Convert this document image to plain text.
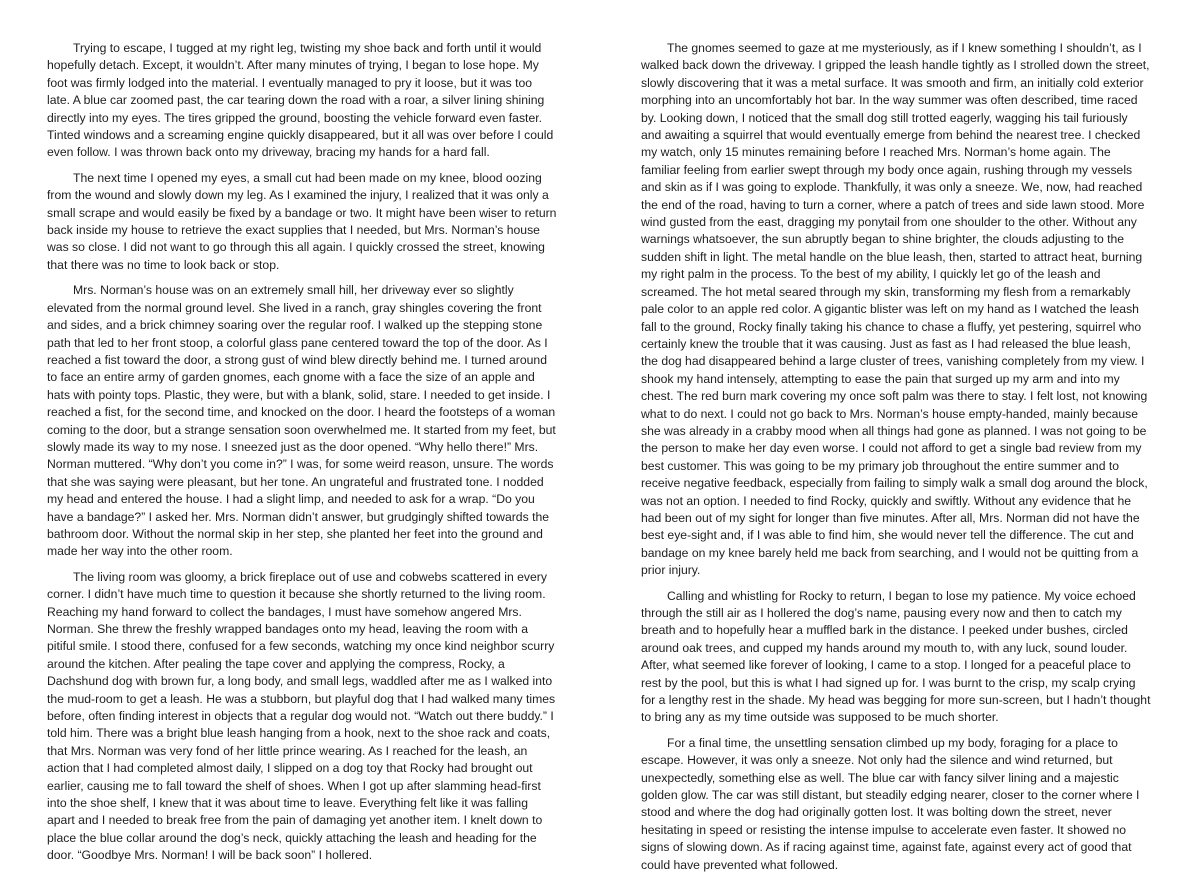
Trying to escape, I tugged at my right leg, twisting my shoe back and forth until it would hopefully detach. Except, it wouldn’t. After many minutes of trying, I began to lose hope. My foot was firmly lodged into the material. I eventually managed to pry it loose, but it was too late. A blue car zoomed past, the car tearing down the road with a roar, a silver lining shining directly into my eyes. The tires gripped the ground, boosting the vehicle forward even faster. Tinted windows and a screaming engine quickly disappeared, but it all was over before I could even follow. I was thrown back onto my driveway, bracing my hands for a hard fall.

The next time I opened my eyes, a small cut had been made on my knee, blood oozing from the wound and slowly down my leg. As I examined the injury, I realized that it was only a small scrape and would easily be fixed by a bandage or two. It might have been wiser to return back inside my house to retrieve the exact supplies that I needed, but Mrs. Norman’s house was so close. I did not want to go through this all again. I quickly crossed the street, knowing that there was no time to look back or stop.

Mrs. Norman’s house was on an extremely small hill, her driveway ever so slightly elevated from the normal ground level. She lived in a ranch, gray shingles covering the front and sides, and a brick chimney soaring over the regular roof. I walked up the stepping stone path that led to her front stoop, a colorful glass pane centered toward the top of the door. As I reached a fist toward the door, a strong gust of wind blew directly behind me. I turned around to face an entire army of garden gnomes, each gnome with a face the size of an apple and hats with pointy tops. Plastic, they were, but with a blank, solid, stare. I needed to get inside. I reached a fist, for the second time, and knocked on the door. I heard the footsteps of a woman coming to the door, but a strange sensation soon overwhelmed me. It started from my feet, but slowly made its way to my nose. I sneezed just as the door opened. “Why hello there!” Mrs. Norman muttered. “Why don’t you come in?” I was, for some weird reason, unsure. The words that she was saying were pleasant, but her tone. An ungrateful and frustrated tone. I nodded my head and entered the house. I had a slight limp, and needed to ask for a wrap. “Do you have a bandage?” I asked her. Mrs. Norman didn’t answer, but grudgingly shifted towards the bathroom door. Without the normal skip in her step, she planted her feet into the ground and made her way into the other room.

The living room was gloomy, a brick fireplace out of use and cobwebs scattered in every corner. I didn’t have much time to question it because she shortly returned to the living room. Reaching my hand forward to collect the bandages, I must have somehow angered Mrs. Norman. She threw the freshly wrapped bandages onto my head, leaving the room with a pitiful smile. I stood there, confused for a few seconds, watching my once kind neighbor scurry around the kitchen. After pealing the tape cover and applying the compress, Rocky, a Dachshund dog with brown fur, a long body, and small legs, waddled after me as I walked into the mud-room to get a leash. He was a stubborn, but playful dog that I had walked many times before, often finding interest in objects that a regular dog would not. “Watch out there buddy.” I told him. There was a bright blue leash hanging from a hook, next to the shoe rack and coats, that Mrs. Norman was very fond of her little prince wearing. As I reached for the leash, an action that I had completed almost daily, I slipped on a dog toy that Rocky had brought out earlier, causing me to fall toward the shelf of shoes. When I got up after slamming head-first into the shoe shelf, I knew that it was about time to leave. Everything felt like it was falling apart and I needed to break free from the pain of damaging yet another item. I knelt down to place the blue collar around the dog’s neck, quickly attaching the leash and heading for the door. “Goodbye Mrs. Norman! I will be back soon” I hollered.

The gnomes seemed to gaze at me mysteriously, as if I knew something I shouldn’t, as I walked back down the driveway. I gripped the leash handle tightly as I strolled down the street, slowly discovering that it was a metal surface. It was smooth and firm, an initially cold exterior morphing into an uncomfortably hot bar. In the way summer was often described, time raced by. Looking down, I noticed that the small dog still trotted eagerly, wagging his tail furiously and awaiting a squirrel that would eventually emerge from behind the nearest tree. I checked my watch, only 15 minutes remaining before I reached Mrs. Norman’s home again. The familiar feeling from earlier swept through my body once again, rushing through my vessels and skin as if I was going to explode. Thankfully, it was only a sneeze. We, now, had reached the end of the road, having to turn a corner, where a patch of trees and side lawn stood. More wind gusted from the east, dragging my ponytail from one shoulder to the other. Without any warnings whatsoever, the sun abruptly began to shine brighter, the clouds adjusting to the sudden shift in light. The metal handle on the blue leash, then, started to attract heat, burning my right palm in the process. To the best of my ability, I quickly let go of the leash and screamed. The hot metal seared through my skin, transforming my flesh from a remarkably pale color to an apple red color. A gigantic blister was left on my hand as I watched the leash fall to the ground, Rocky finally taking his chance to chase a fluffy, yet pestering, squirrel who certainly knew the trouble that it was causing. Just as fast as I had released the blue leash, the dog had disappeared behind a large cluster of trees, vanishing completely from my view. I shook my hand intensely, attempting to ease the pain that surged up my arm and into my chest. The red burn mark covering my once soft palm was there to stay. I felt lost, not knowing what to do next. I could not go back to Mrs. Norman’s house empty-handed, mainly because she was already in a crabby mood when all things had gone as planned. I was not going to be the person to make her day even worse. I could not afford to get a single bad review from my best customer. This was going to be my primary job throughout the entire summer and to receive negative feedback, especially from failing to simply walk a small dog around the block, was not an option. I needed to find Rocky, quickly and swiftly. Without any evidence that he had been out of my sight for longer than five minutes. After all, Mrs. Norman did not have the best eye-sight and, if I was able to find him, she would never tell the difference. The cut and bandage on my knee barely held me back from searching, and I would not be quitting from a prior injury.

Calling and whistling for Rocky to return, I began to lose my patience. My voice echoed through the still air as I hollered the dog’s name, pausing every now and then to catch my breath and to hopefully hear a muffled bark in the distance. I peeked under bushes, circled around oak trees, and cupped my hands around my mouth to, with any luck, sound louder. After, what seemed like forever of looking, I came to a stop. I longed for a peaceful place to rest by the pool, but this is what I had signed up for. I was burnt to the crisp, my scalp crying for a lengthy rest in the shade. My head was begging for more sun-screen, but I hadn’t thought to bring any as my time outside was supposed to be much shorter.

For a final time, the unsettling sensation climbed up my body, foraging for a place to escape. However, it was only a sneeze. Not only had the silence and wind returned, but unexpectedly, something else as well. The blue car with fancy silver lining and a majestic golden glow. The car was still distant, but steadily edging nearer, closer to the corner where I stood and where the dog had originally gotten lost. It was bolting down the street, never hesitating in speed or resisting the intense impulse to accelerate even faster. It showed no signs of slowing down. As if racing against time, against fate, against every act of good that could have prevented what followed.
